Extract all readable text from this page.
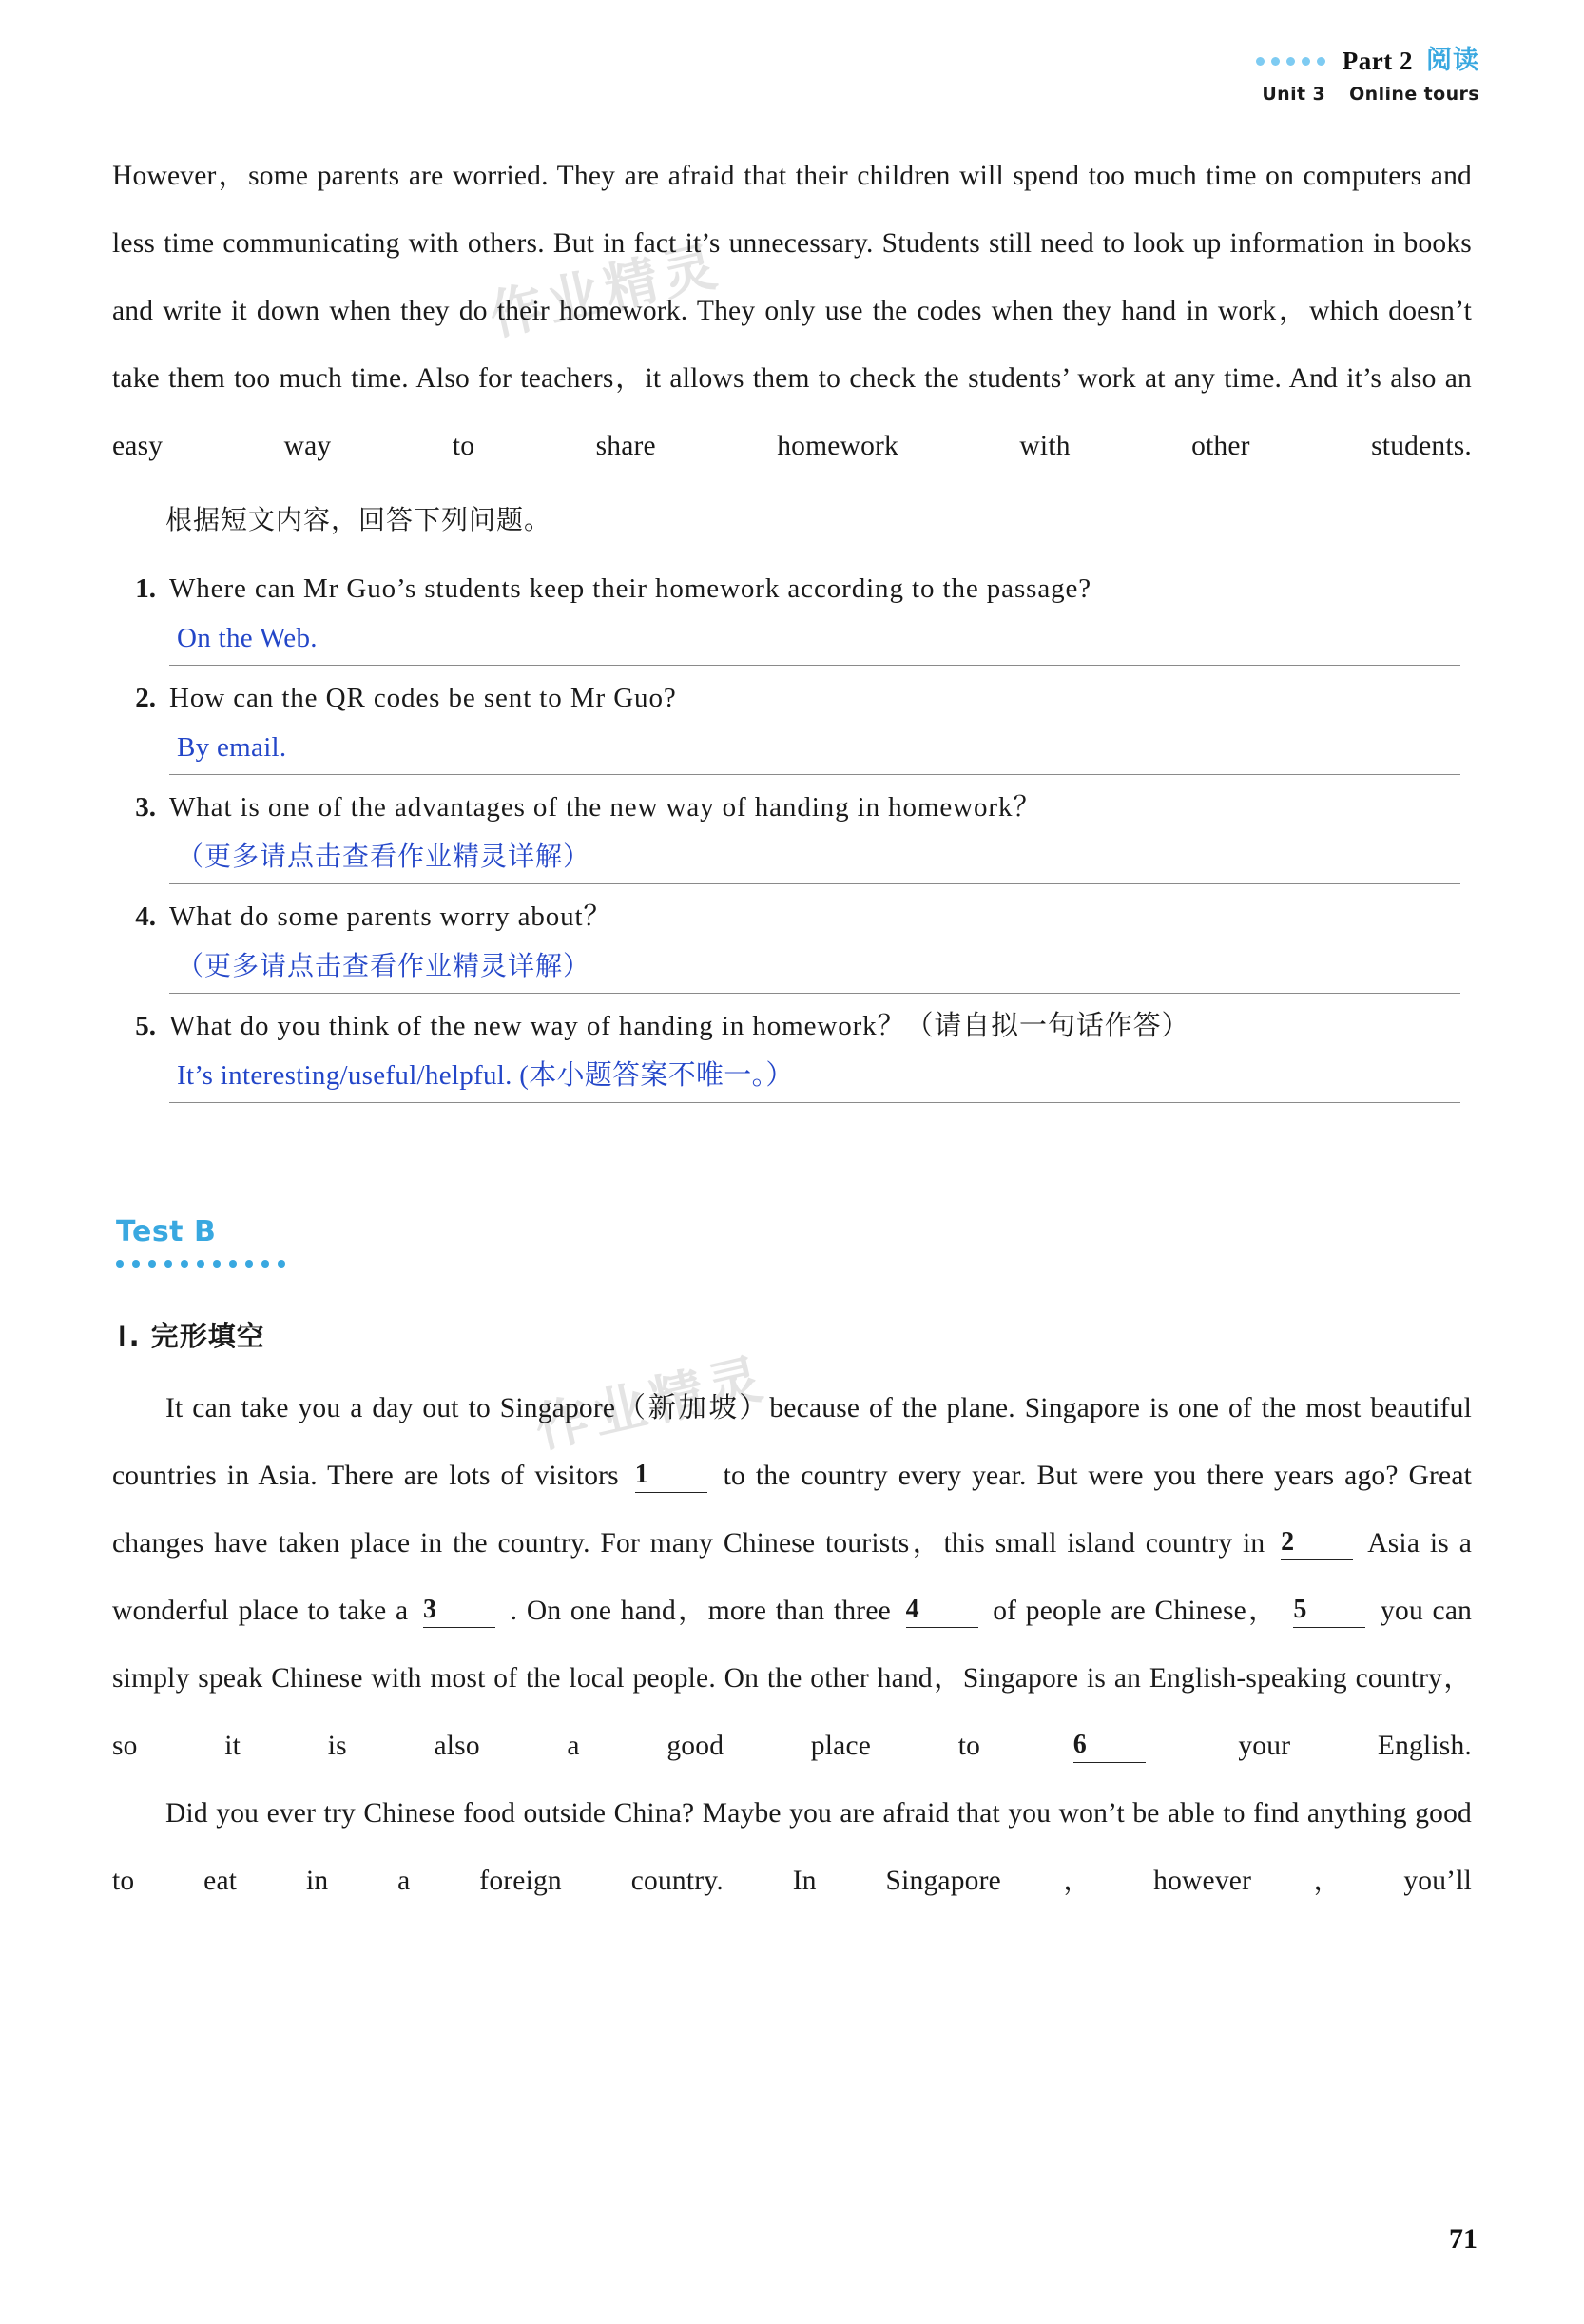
作业精灵
作业精灵
Part 2 阅读
Unit 3 Online tours

However，some parents are worried. They are afraid that their children will spend too much time on computers and less time communicating with others. But in fact it’s unnecessary. Students still need to look up information in books and write it down when they do their homework. They only use the codes when they hand in work，which doesn’t take them too much time. Also for teachers，it allows them to check the students’ work at any time. And it’s also an easy way to share homework with other students.

根据短文内容，回答下列问题。
1. Where can Mr Guo’s students keep their homework according to the passage?
On the Web.
2. How can the QR codes be sent to Mr Guo?
By email.
3. What is one of the advantages of the new way of handing in homework？
（更多请点击查看作业精灵详解）
4. What do some parents worry about？
（更多请点击查看作业精灵详解）
5. What do you think of the new way of handing in homework？（请自拟一句话作答）
It’s interesting/useful/helpful. (本小题答案不唯一。）
Test B
Ⅰ. 完形填空

It can take you a day out to Singapore（新加坡）because of the plane. Singapore is one of the most beautiful countries in Asia. There are lots of visitors 1	to the country every year. But were you there years ago? Great changes have taken place in the country. For many Chinese tourists，this small island country in 2	Asia is a wonderful place to take a 3	. On one hand，more than three 4	of people are Chinese， 5	you can simply speak Chinese with most of the local people. On the other hand，Singapore is an English-speaking country，so it is also a good place to	6	your English.

Did you ever try Chinese food outside China? Maybe you are afraid that you won’t be able to find anything good to eat in a foreign country. In Singapore，however，you’ll

71
